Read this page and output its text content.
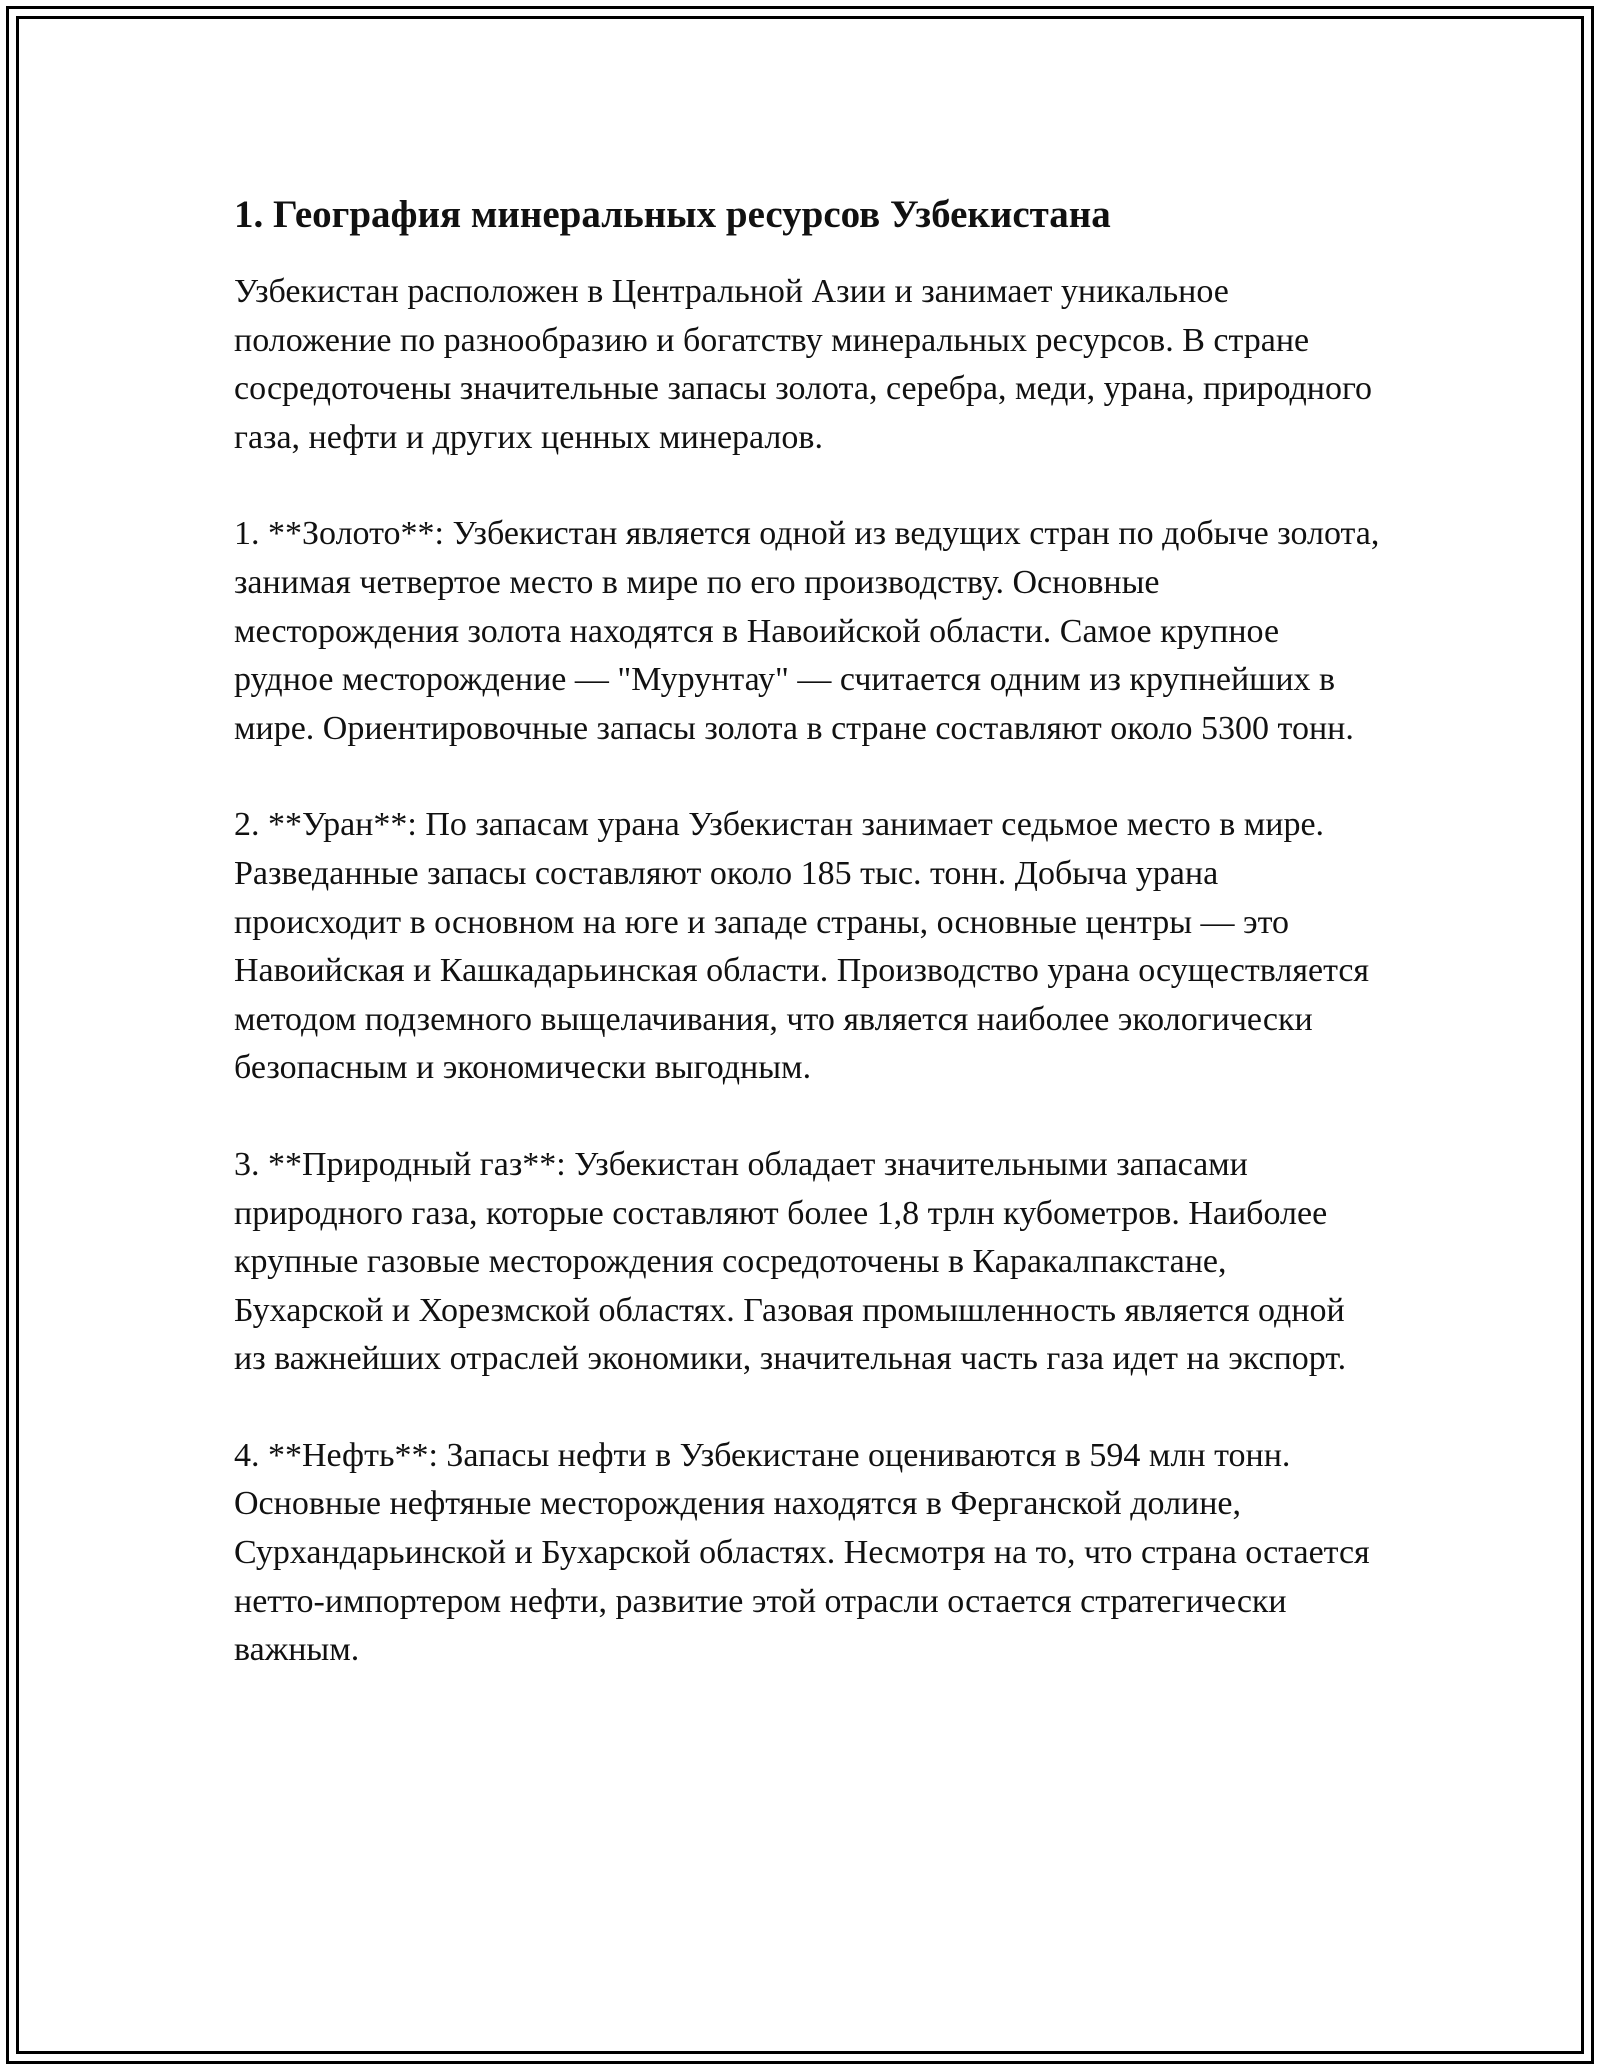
1. География минеральных ресурсов Узбекистана

Узбекистан расположен в Центральной Азии и занимает уникальное положение по разнообразию и богатству минеральных ресурсов. В стране сосредоточены значительные запасы золота, серебра, меди, урана, природного газа, нефти и других ценных минералов.

1. **Золото**: Узбекистан является одной из ведущих стран по добыче золота, занимая четвертое место в мире по его производству. Основные месторождения золота находятся в Навоийской области. Самое крупное рудное месторождение — "Мурунтау" — считается одним из крупнейших в мире. Ориентировочные запасы золота в стране составляют около 5300 тонн.

2. **Уран**: По запасам урана Узбекистан занимает седьмое место в мире. Разведанные запасы составляют около 185 тыс. тонн. Добыча урана происходит в основном на юге и западе страны, основные центры — это Навоийская и Кашкадарьинская области. Производство урана осуществляется методом подземного выщелачивания, что является наиболее экологически безопасным и экономически выгодным.

3. **Природный газ**: Узбекистан обладает значительными запасами природного газа, которые составляют более 1,8 трлн кубометров. Наиболее крупные газовые месторождения сосредоточены в Каракалпакстане, Бухарской и Хорезмской областях. Газовая промышленность является одной из важнейших отраслей экономики, значительная часть газа идет на экспорт.

4. **Нефть**: Запасы нефти в Узбекистане оцениваются в 594 млн тонн. Основные нефтяные месторождения находятся в Ферганской долине, Сурхандарьинской и Бухарской областях. Несмотря на то, что страна остается нетто-импортером нефти, развитие этой отрасли остается стратегически важным.
